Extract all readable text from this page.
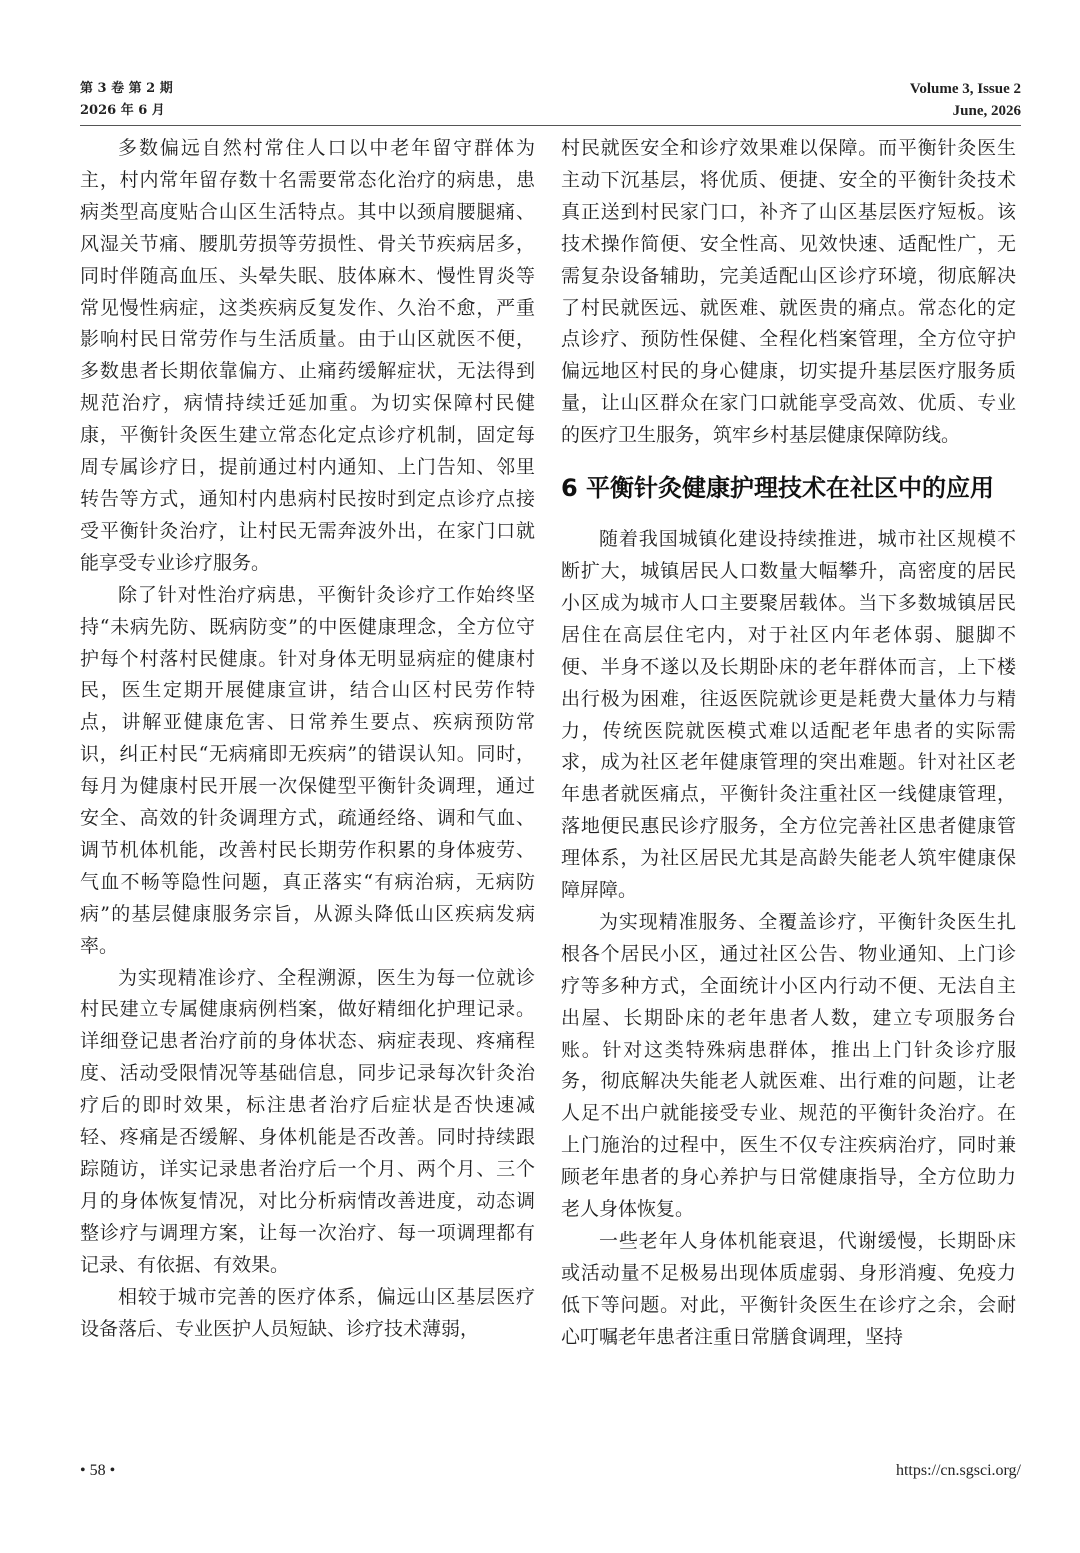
第 3 卷 第 2 期
2026 年 6 月
Volume 3, Issue 2
June, 2026

多数偏远自然村常住人口以中老年留守群体为主，村内常年留存数十名需要常态化治疗的病患，患病类型高度贴合山区生活特点。其中以颈肩腰腿痛、风湿关节痛、腰肌劳损等劳损性、骨关节疾病居多，同时伴随高血压、头晕失眠、肢体麻木、慢性胃炎等常见慢性病症，这类疾病反复发作、久治不愈，严重影响村民日常劳作与生活质量。由于山区就医不便，多数患者长期依靠偏方、止痛药缓解症状，无法得到规范治疗，病情持续迁延加重。为切实保障村民健康，平衡针灸医生建立常态化定点诊疗机制，固定每周专属诊疗日，提前通过村内通知、上门告知、邻里转告等方式，通知村内患病村民按时到定点诊疗点接受平衡针灸治疗，让村民无需奔波外出，在家门口就能享受专业诊疗服务。

除了针对性治疗病患，平衡针灸诊疗工作始终坚持“未病先防、既病防变”的中医健康理念，全方位守护每个村落村民健康。针对身体无明显病症的健康村民，医生定期开展健康宣讲，结合山区村民劳作特点，讲解亚健康危害、日常养生要点、疾病预防常识，纠正村民“无病痛即无疾病”的错误认知。同时，每月为健康村民开展一次保健型平衡针灸调理，通过安全、高效的针灸调理方式，疏通经络、调和气血、调节机体机能，改善村民长期劳作积累的身体疲劳、气血不畅等隐性问题，真正落实“有病治病，无病防病”的基层健康服务宗旨，从源头降低山区疾病发病率。

为实现精准诊疗、全程溯源，医生为每一位就诊村民建立专属健康病例档案，做好精细化护理记录。详细登记患者治疗前的身体状态、病症表现、疼痛程度、活动受限情况等基础信息，同步记录每次针灸治疗后的即时效果，标注患者治疗后症状是否快速减轻、疼痛是否缓解、身体机能是否改善。同时持续跟踪随访，详实记录患者治疗后一个月、两个月、三个月的身体恢复情况，对比分析病情改善进度，动态调整诊疗与调理方案，让每一次治疗、每一项调理都有记录、有依据、有效果。

相较于城市完善的医疗体系，偏远山区基层医疗设备落后、专业医护人员短缺、诊疗技术薄弱，

村民就医安全和诊疗效果难以保障。而平衡针灸医生主动下沉基层，将优质、便捷、安全的平衡针灸技术真正送到村民家门口，补齐了山区基层医疗短板。该技术操作简便、安全性高、见效快速、适配性广，无需复杂设备辅助，完美适配山区诊疗环境，彻底解决了村民就医远、就医难、就医贵的痛点。常态化的定点诊疗、预防性保健、全程化档案管理，全方位守护偏远地区村民的身心健康，切实提升基层医疗服务质量，让山区群众在家门口就能享受高效、优质、专业的医疗卫生服务，筑牢乡村基层健康保障防线。

6 平衡针灸健康护理技术在社区中的应用

随着我国城镇化建设持续推进，城市社区规模不断扩大，城镇居民人口数量大幅攀升，高密度的居民小区成为城市人口主要聚居载体。当下多数城镇居民居住在高层住宅内，对于社区内年老体弱、腿脚不便、半身不遂以及长期卧床的老年群体而言，上下楼出行极为困难，往返医院就诊更是耗费大量体力与精力，传统医院就医模式难以适配老年患者的实际需求，成为社区老年健康管理的突出难题。针对社区老年患者就医痛点，平衡针灸注重社区一线健康管理，落地便民惠民诊疗服务，全方位完善社区患者健康管理体系，为社区居民尤其是高龄失能老人筑牢健康保障屏障。

为实现精准服务、全覆盖诊疗，平衡针灸医生扎根各个居民小区，通过社区公告、物业通知、上门诊疗等多种方式，全面统计小区内行动不便、无法自主出屋、长期卧床的老年患者人数，建立专项服务台账。针对这类特殊病患群体，推出上门针灸诊疗服务，彻底解决失能老人就医难、出行难的问题，让老人足不出户就能接受专业、规范的平衡针灸治疗。在上门施治的过程中，医生不仅专注疾病治疗，同时兼顾老年患者的身心养护与日常健康指导，全方位助力老人身体恢复。

一些老年人身体机能衰退，代谢缓慢，长期卧床或活动量不足极易出现体质虚弱、身形消瘦、免疫力低下等问题。对此，平衡针灸医生在诊疗之余，会耐心叮嘱老年患者注重日常膳食调理，坚持

• 58 •	https://cn.sgsci.org/
